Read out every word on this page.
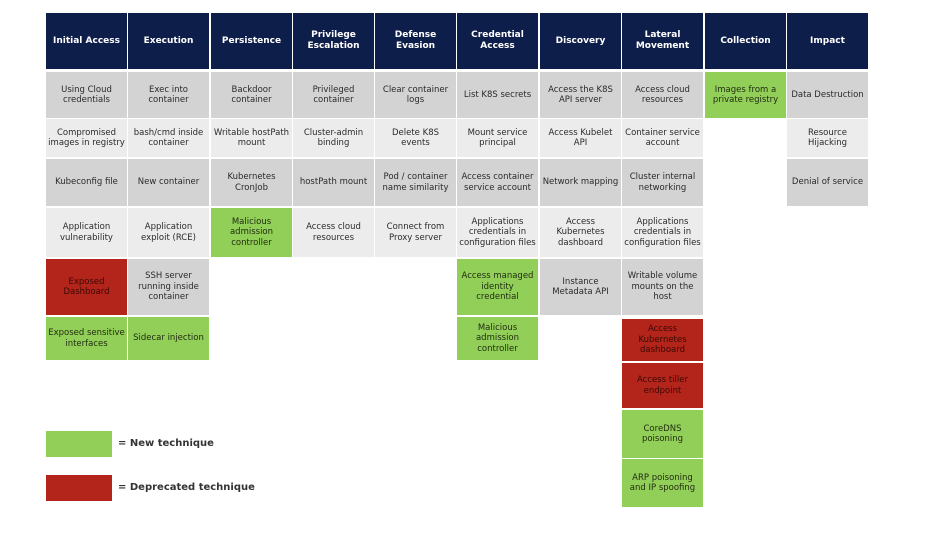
Initial Access
Using Cloud credentials
Compromised images in registry
Kubeconfig file
Application vulnerability
Exposed Dashboard
Exposed sensitive interfaces
Execution
Exec into container
bash/cmd inside container
New container
Application exploit (RCE)
SSH server running inside container
Sidecar injection
Persistence
Backdoor container
Writable hostPath mount
Kubernetes CronJob
Malicious admission controller
Privilege Escalation
Privileged container
Cluster-admin binding
hostPath mount
Access cloud resources
Defense Evasion
Clear container logs
Delete K8S events
Pod / container name similarity
Connect from Proxy server
Credential Access
List K8S secrets
Mount service principal
Access container service account
Applications credentials in configuration files
Access managed identity credential
Malicious admission controller
Discovery
Access the K8S API server
Access Kubelet API
Network mapping
Access Kubernetes dashboard
Instance Metadata API
Lateral Movement
Access cloud resources
Container service account
Cluster internal networking
Applications credentials in configuration files
Writable volume mounts on the host
Access Kubernetes dashboard
Access tiller endpoint
CoreDNS poisoning
ARP poisoning and IP spoofing
Collection
Images from a private registry
Impact
Data Destruction
Resource Hijacking
Denial of service
= New technique
= Deprecated technique
